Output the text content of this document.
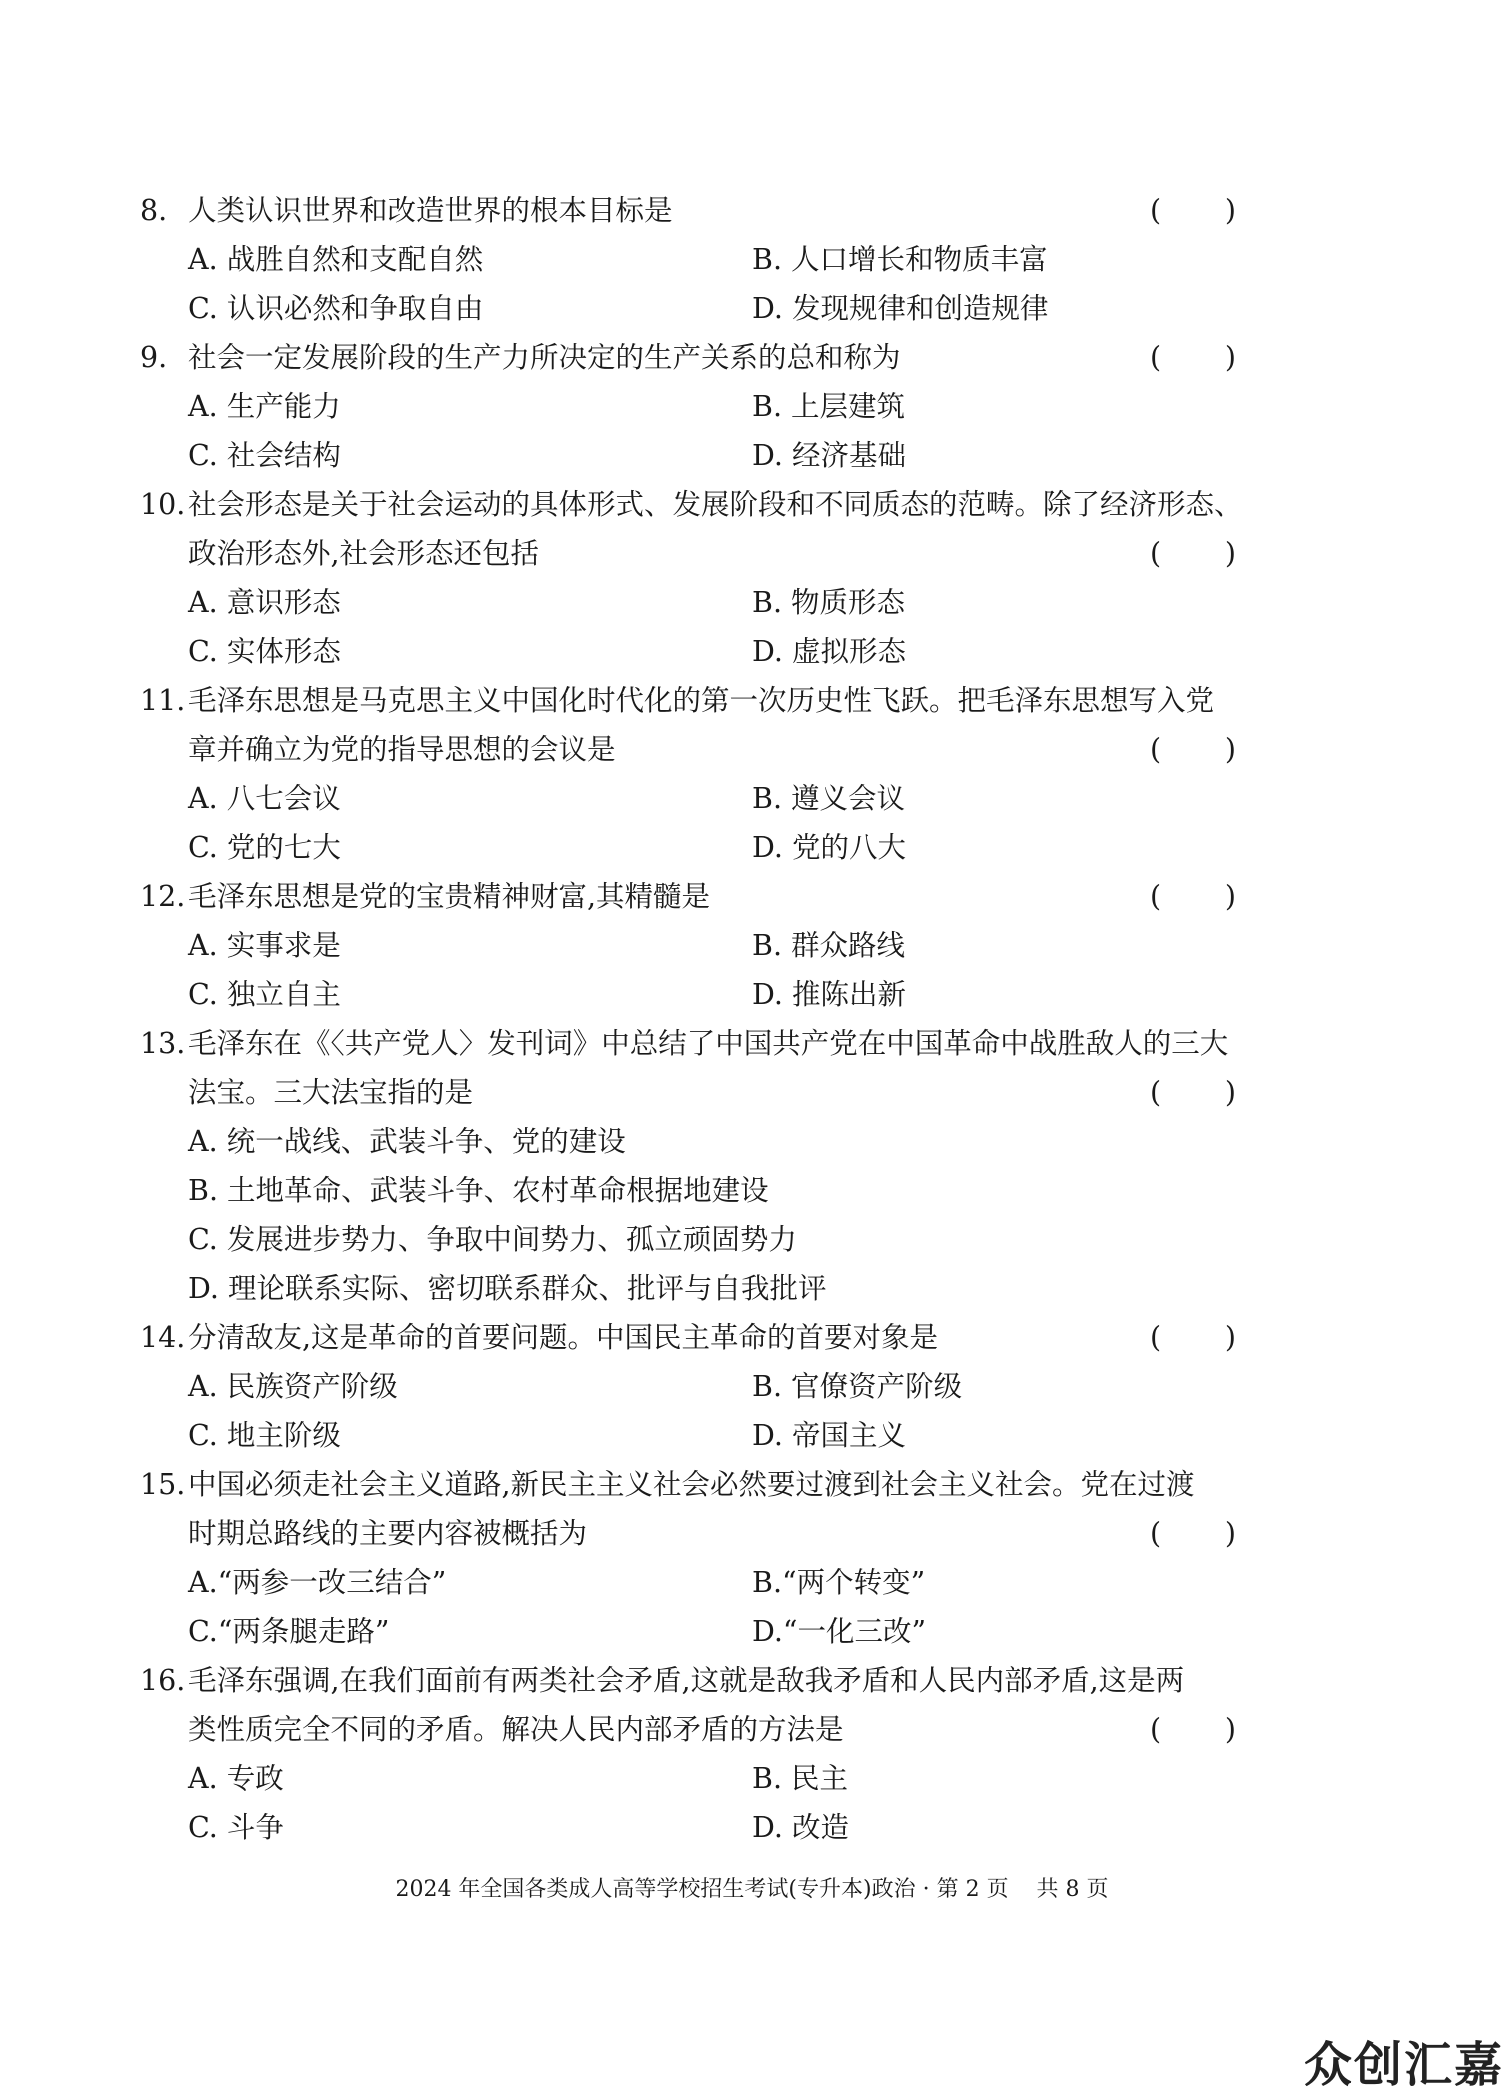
8. 人类认识世界和改造世界的根本目标是	( )
A. 战胜自然和支配自然	B. 人口增长和物质丰富
C. 认识必然和争取自由	D. 发现规律和创造规律
9. 社会一定发展阶段的生产力所决定的生产关系的总和称为	( )
A. 生产能力	B. 上层建筑
C. 社会结构	D. 经济基础
10. 社会形态是关于社会运动的具体形式、发展阶段和不同质态的范畴。除了经济形态、
政治形态外,社会形态还包括	( )
A. 意识形态	B. 物质形态
C. 实体形态	D. 虚拟形态
11. 毛泽东思想是马克思主义中国化时代化的第一次历史性飞跃。把毛泽东思想写入党
章并确立为党的指导思想的会议是	( )
A. 八七会议	B. 遵义会议
C. 党的七大	D. 党的八大
12. 毛泽东思想是党的宝贵精神财富,其精髓是	( )
A. 实事求是	B. 群众路线
C. 独立自主	D. 推陈出新
13. 毛泽东在《〈共产党人〉发刊词》中总结了中国共产党在中国革命中战胜敌人的三大
法宝。三大法宝指的是	( )
A. 统一战线、武装斗争、党的建设
B. 土地革命、武装斗争、农村革命根据地建设
C. 发展进步势力、争取中间势力、孤立顽固势力
D. 理论联系实际、密切联系群众、批评与自我批评
14. 分清敌友,这是革命的首要问题。中国民主革命的首要对象是	( )
A. 民族资产阶级	B. 官僚资产阶级
C. 地主阶级	D. 帝国主义
15. 中国必须走社会主义道路,新民主主义社会必然要过渡到社会主义社会。党在过渡
时期总路线的主要内容被概括为	( )
A.“两参一改三结合”	B.“两个转变”
C.“两条腿走路”	D.“一化三改”
16. 毛泽东强调,在我们面前有两类社会矛盾,这就是敌我矛盾和人民内部矛盾,这是两
类性质完全不同的矛盾。解决人民内部矛盾的方法是	( )
A. 专政	B. 民主
C. 斗争	D. 改造
2024 年全国各类成人高等学校招生考试(专升本)政治 · 第 2 页    共 8 页
众创汇嘉
